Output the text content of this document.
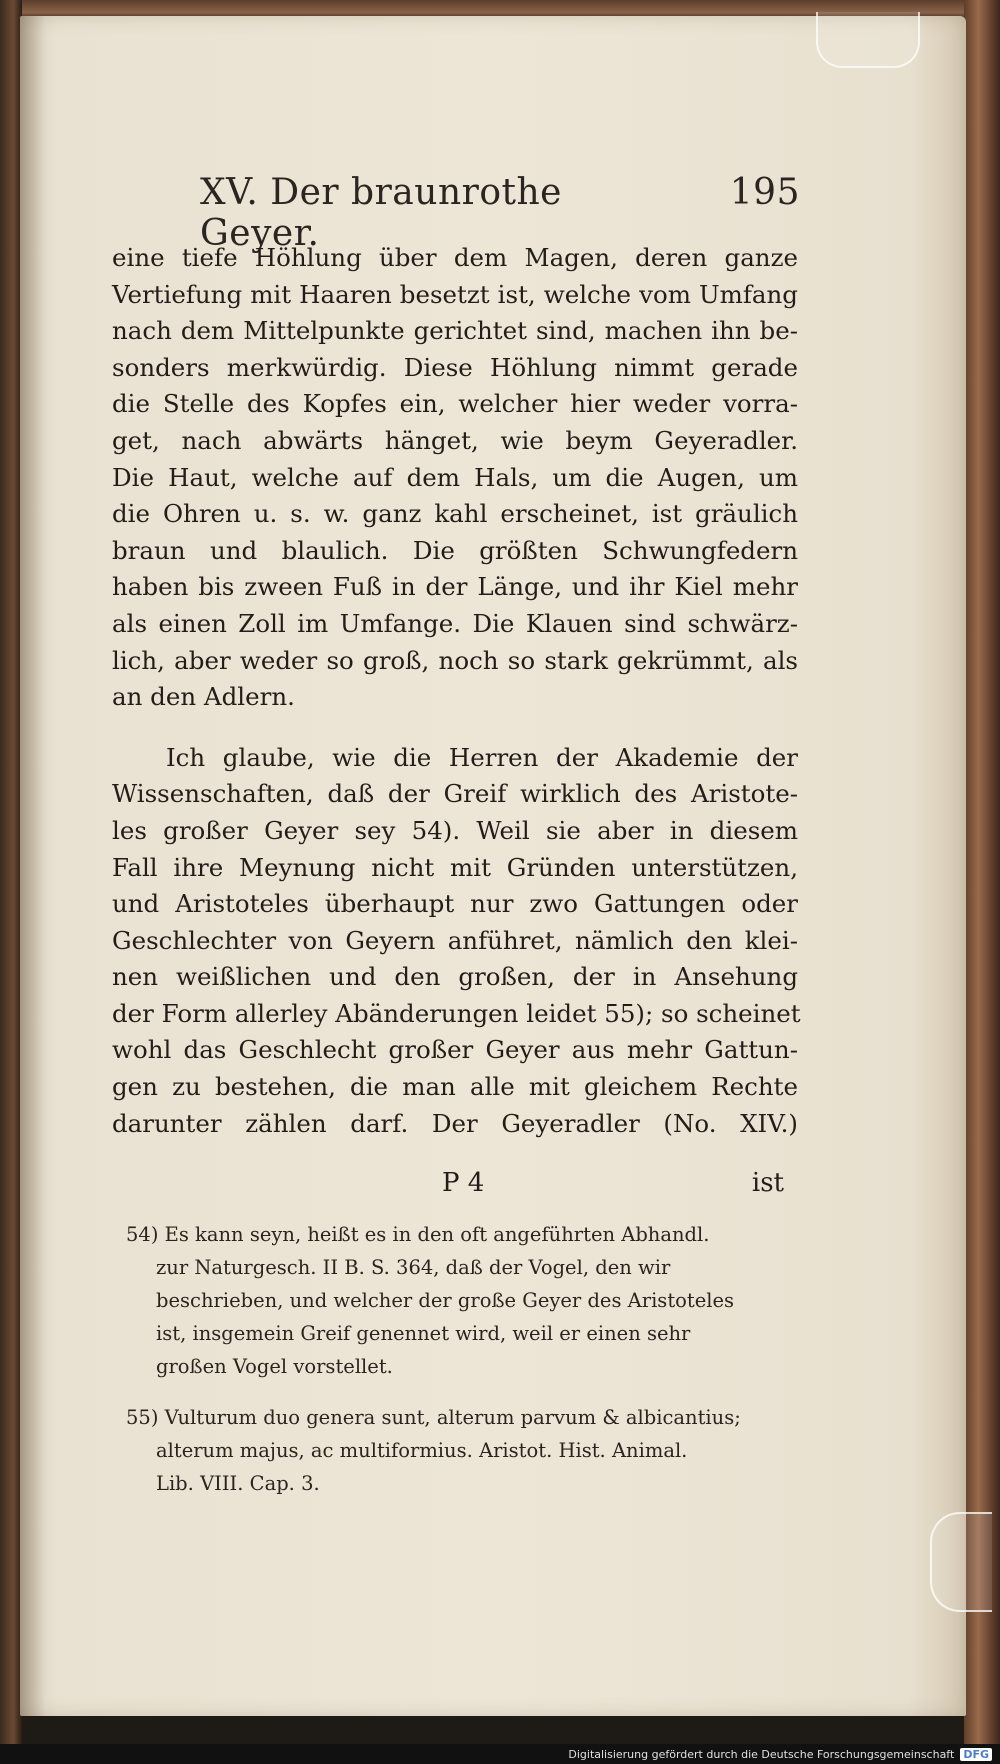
XV. Der braunrothe Geyer.
195
eine tiefe Höhlung über dem Magen, deren ganze
Vertiefung mit Haaren besetzt ist, welche vom Umfang
nach dem Mittelpunkte gerichtet sind, machen ihn be-
sonders merkwürdig. Diese Höhlung nimmt gerade
die Stelle des Kopfes ein, welcher hier weder vorra-
get, nach abwärts hänget, wie beym Geyeradler.
Die Haut, welche auf dem Hals, um die Augen, um
die Ohren u. s. w. ganz kahl erscheinet, ist gräulich
braun und blaulich. Die größten Schwungfedern
haben bis zween Fuß in der Länge, und ihr Kiel mehr
als einen Zoll im Umfange. Die Klauen sind schwärz-
lich, aber weder so groß, noch so stark gekrümmt, als
an den Adlern.
Ich glaube, wie die Herren der Akademie der
Wissenschaften, daß der Greif wirklich des Aristote-
les großer Geyer sey 54). Weil sie aber in diesem
Fall ihre Meynung nicht mit Gründen unterstützen,
und Aristoteles überhaupt nur zwo Gattungen oder
Geschlechter von Geyern anführet, nämlich den klei-
nen weißlichen und den großen, der in Ansehung
der Form allerley Abänderungen leidet 55); so scheinet
wohl das Geschlecht großer Geyer aus mehr Gattun-
gen zu bestehen, die man alle mit gleichem Rechte
darunter zählen darf. Der Geyeradler (No. XIV.)
P 4	ist
54) Es kann seyn, heißt es in den oft angeführten Abhandl.
zur Naturgesch. II B. S. 364, daß der Vogel, den wir
beschrieben, und welcher der große Geyer des Aristoteles
ist, insgemein Greif genennet wird, weil er einen sehr
großen Vogel vorstellet.
55) Vulturum duo genera sunt, alterum parvum & albicantius;
alterum majus, ac multiformius. Aristot. Hist. Animal.
Lib. VIII. Cap. 3.
Digitalisierung gefördert durch die Deutsche Forschungsgemeinschaft DFG
